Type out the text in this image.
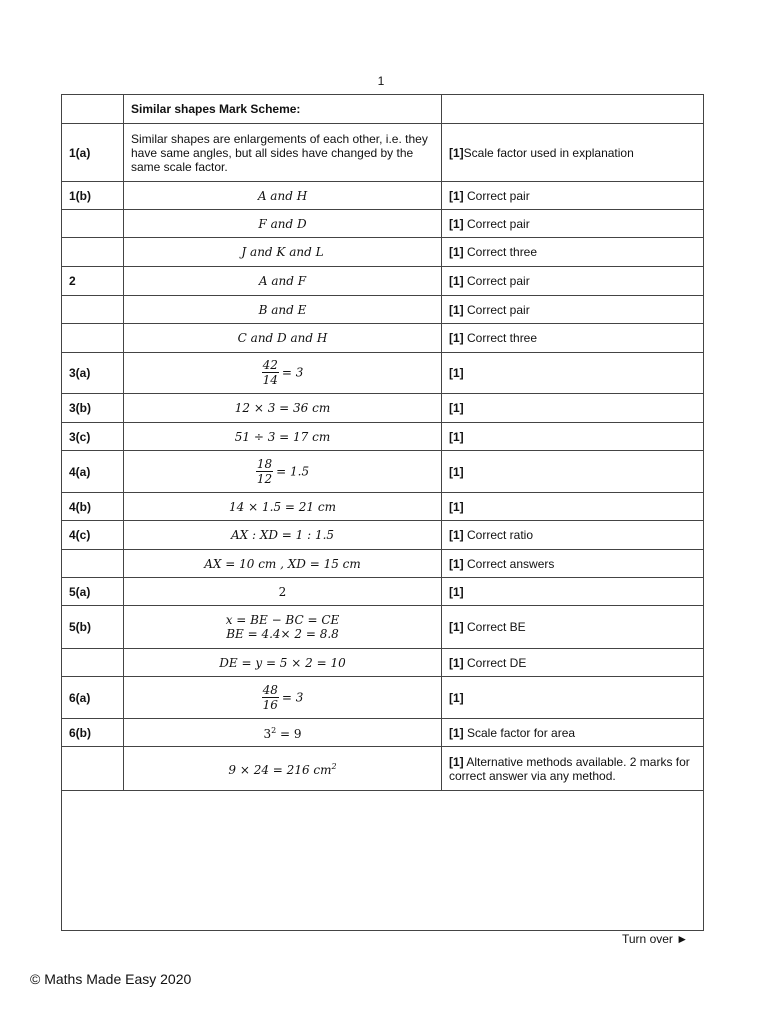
1
	Similar shapes Mark Scheme:	
1(a)	Similar shapes are enlargements of each other, i.e. they have same angles, but all sides have changed by the same scale factor.	[1]Scale factor used in explanation
1(b)	A and H	[1] Correct pair
	F and D	[1] Correct pair
	J and K and L	[1] Correct three
2	A and F	[1] Correct pair
	B and E	[1] Correct pair
	C and D and H	[1] Correct three
3(a)	$\frac{42}{14} = 3$	[1]
3(b)	12 × 3 = 36 cm	[1]
3(c)	51 ÷ 3 = 17 cm	[1]
4(a)	$\frac{18}{12} = 1.5$	[1]
4(b)	14 × 1.5 = 21 cm	[1]
4(c)	AX : XD = 1 : 1.5	[1] Correct ratio
	AX = 10 cm , XD = 15 cm	[1] Correct answers
5(a)	2	[1]
5(b)	x = BE − BC = CE
BE = 4.4× 2 = 8.8	[1] Correct BE
	DE = y = 5 × 2 = 10	[1] Correct DE
6(a)	$\frac{48}{16} = 3$	[1]
6(b)	$3^2 = 9$	[1] Scale factor for area
	9 × 24 = 216 $cm^2$	[1] Alternative methods available. 2 marks for correct answer via any method.

Turn over ►
© Maths Made Easy 2020
